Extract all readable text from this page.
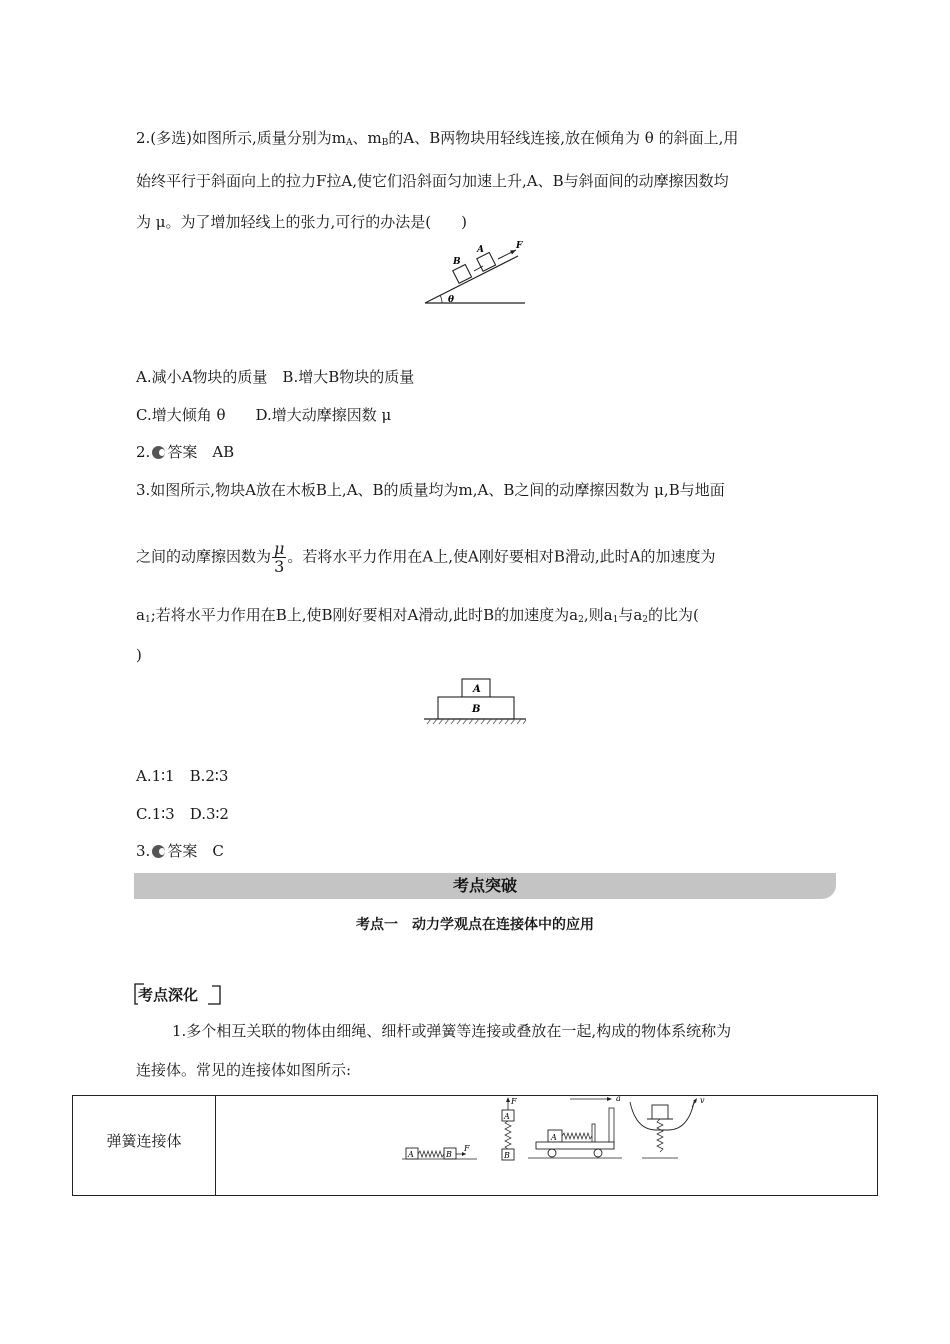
2.(多选)如图所示,质量分别为$m_A$、$m_B$的A、B两物块用轻线连接,放在倾角为 θ 的斜面上,用
始终平行于斜面向上的拉力F拉A,使它们沿斜面匀加速上升,A、B与斜面间的动摩擦因数均
为 μ。为了增加轻线上的张力,可行的办法是(　　)
B
A	F
θ
A.减小A物块的质量　B.增大B物块的质量
C.增大倾角 θ　　D.增大动摩擦因数 μ
2. 答案　AB
3.如图所示,物块A放在木板B上,A、B的质量均为m,A、B之间的动摩擦因数为 μ,B与地面
之间的动摩擦因数为 $\frac{\mu}{3}$ 。若将水平力作用在A上,使A刚好要相对B滑动,此时A的加速度为
$a_1$;若将水平力作用在B上,使B刚好要相对A滑动,此时B的加速度为$a_2$,则$a_1$与$a_2$的比为(
)
A
B
A.1∶1　B.2∶3
C.1∶3　D.3∶2
3. 答案　C
考点突破
考点一　动力学观点在连接体中的应用
考点深化
1.多个相互关联的物体由细绳、细杆或弹簧等连接或叠放在一起,构成的物体系统称为
连接体。常见的连接体如图所示:
弹簧连接体	
A	B
F
F
A
B
a
A
v
